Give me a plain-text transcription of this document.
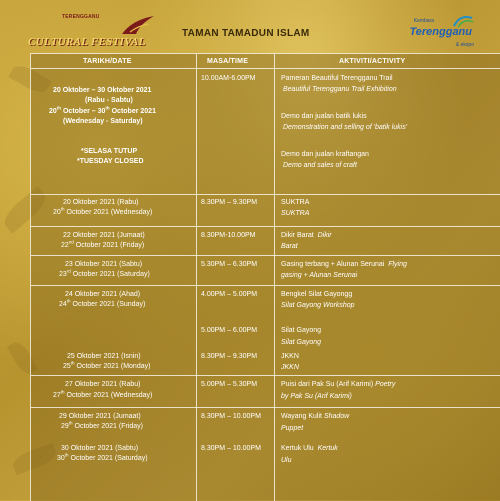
TERENGGANU
CULTURAL FESTIVAL
TAMAN TAMADUN ISLAM
Kembara
Terengganu
& ekspo
TARIKH/DATE	MASA/TIME	AKTIVITI/ACTIVITY
20 Oktober – 30 Oktober 2021
(Rabu - Sabtu)
20th October – 30th October 2021
(Wednesday - Saturday)
*SELASA TUTUP
*TUESDAY CLOSED
10.00AM-6.00PM	Pameran Beautiful Terengganu Trail
Beautiful Terengganu Trail Exhibition
Demo dan jualan batik lukis
Demonstration and selling of 'batik lukis'
Demo dan jualan kraftangan
Demo and sales of craft
20 Oktober 2021 (Rabu)
20th October 2021 (Wednesday)
8.30PM – 9.30PM	SUKTRA
SUKTRA
22 Oktober 2021 (Jumaat)
22nd October 2021 (Friday)
8.30PM-10.00PM	Dikir Barat Dikir
Barat
23 Oktober 2021 (Sabtu)
23rd October 2021 (Saturday)
5.30PM – 6.30PM	Gasing terbang + Alunan Serunai Flying
gasing + Alunan Serunai
24 Oktober 2021 (Ahad)
24th October 2021 (Sunday)
4.00PM – 5.00PM	Bengkel Silat Gayongg
Silat Gayong Workshop
5.00PM – 6.00PM	Silat Gayong
Silat Gayong
25 Oktober 2021 (Isnin)
25th October 2021 (Monday)
8.30PM – 9.30PM	JKKN
JKKN
27 Oktober 2021 (Rabu)
27th October 2021 (Wednesday)
5.00PM – 5.30PM	Puisi dari Pak Su (Arif Karimi) Poetry
by Pak Su (Arif Karimi)
29 Oktober 2021 (Jumaat)
29th October 2021 (Friday)
8.30PM – 10.00PM	Wayang Kulit Shadow
Puppet
30 Oktober 2021 (Sabtu)
30th October 2021 (Saturday)
8.30PM – 10.00PM	Kertuk Ulu Kertuk
Ulu
